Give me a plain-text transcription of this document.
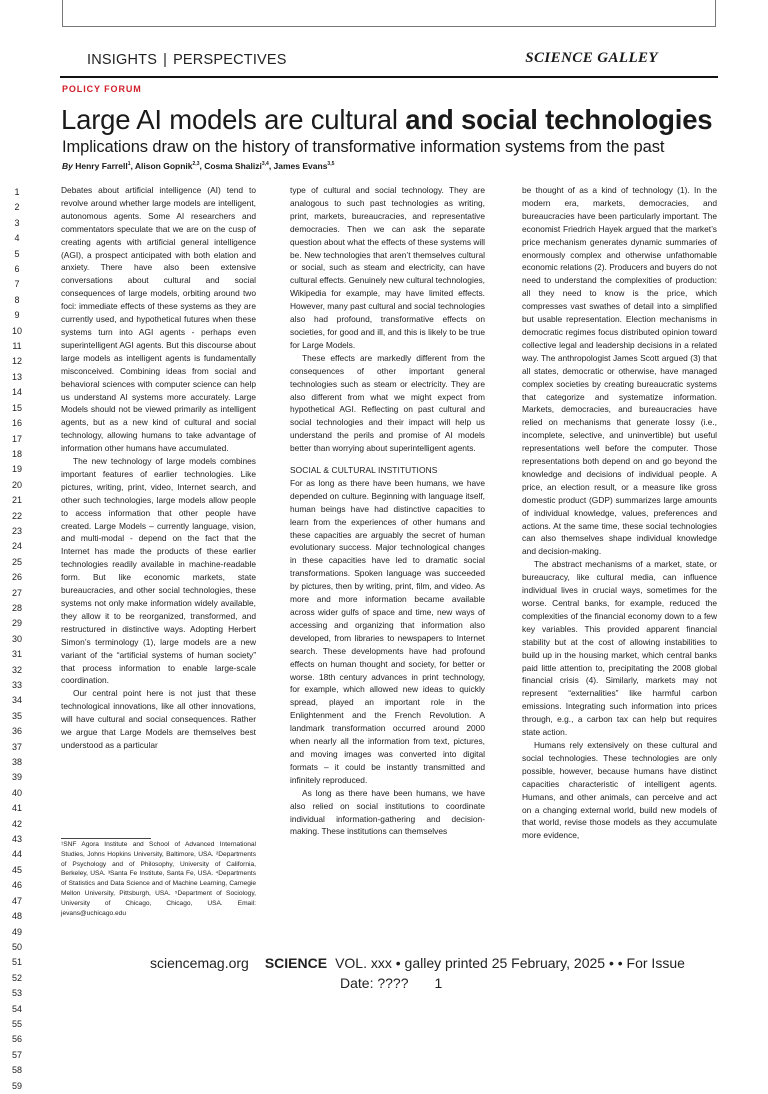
INSIGHTS | PERSPECTIVES	SCIENCE GALLEY
POLICY FORUM
Large AI models are cultural and social technologies
Implications draw on the history of transformative information systems from the past
By Henry Farrell$^1$, Alison Gopnik$^{2,3}$, Cosma Shalizi$^{3,4}$, James Evans$^{3,5}$
1
2
3
4
5
6
7
8
9
10
11
12
13
14
15
16
17
18
19
20
21
22
23
24
25
26
27
28
29
30
31
32
33
34
35
36
37
38
39
40
41
42
43
44
45
46
47
48
49
50
51
52
53
54
55
56
57
58
59

Debates about artificial intelligence (AI) tend to revolve around whether large models are intelligent, autonomous agents. Some AI researchers and commentators speculate that we are on the cusp of creating agents with artificial general intelligence (AGI), a prospect anticipated with both elation and anxiety. There have also been extensive conversations about cultural and social consequences of large models, orbiting around two foci: immediate effects of these systems as they are currently used, and hypothetical futures when these systems turn into AGI agents - perhaps even superintelligent AGI agents. But this discourse about large models as intelligent agents is fundamentally misconceived. Combining ideas from social and behavioral sciences with computer science can help us understand AI systems more accurately. Large Models should not be viewed primarily as intelligent agents, but as a new kind of cultural and social technology, allowing humans to take advantage of information other humans have accumulated.

The new technology of large models combines important features of earlier technologies. Like pictures, writing, print, video, Internet search, and other such technologies, large models allow people to access information that other people have created. Large Models – currently language, vision, and multi-modal - depend on the fact that the Internet has made the products of these earlier technologies readily available in machine-readable form. But like economic markets, state bureaucracies, and other social technologies, these systems not only make information widely available, they allow it to be reorganized, transformed, and restructured in distinctive ways. Adopting Herbert Simon’s terminology (1), large models are a new variant of the “artificial systems of human society” that process information to enable large-scale coordination.

Our central point here is not just that these technological innovations, like all other innovations, will have cultural and social consequences. Rather we argue that Large Models are themselves best understood as a particular

type of cultural and social technology. They are analogous to such past technologies as writing, print, markets, bureaucracies, and representative democracies. Then we can ask the separate question about what the effects of these systems will be. New technologies that aren’t themselves cultural or social, such as steam and electricity, can have cultural effects. Genuinely new cultural technologies, Wikipedia for example, may have limited effects. However, many past cultural and social technologies also had profound, transformative effects on societies, for good and ill, and this is likely to be true for Large Models.

These effects are markedly different from the consequences of other important general technologies such as steam or electricity. They are also different from what we might expect from hypothetical AGI. Reflecting on past cultural and social technologies and their impact will help us understand the perils and promise of AI models better than worrying about superintelligent agents.

SOCIAL & CULTURAL INSTITUTIONS

For as long as there have been humans, we have depended on culture. Beginning with language itself, human beings have had distinctive capacities to learn from the experiences of other humans and these capacities are arguably the secret of human evolutionary success. Major technological changes in these capacities have led to dramatic social transformations. Spoken language was succeeded by pictures, then by writing, print, film, and video. As more and more information became available across wider gulfs of space and time, new ways of accessing and organizing that information also developed, from libraries to newspapers to Internet search. These developments have had profound effects on human thought and society, for better or worse. 18th century advances in print technology, for example, which allowed new ideas to quickly spread, played an important role in the Enlightenment and the French Revolution. A landmark transformation occurred around 2000 when nearly all the information from text, pictures, and moving images was converted into digital formats – it could be instantly transmitted and infinitely reproduced.

As long as there have been humans, we have also relied on social institutions to coordinate individual information-gathering and decision-making. These institutions can themselves

be thought of as a kind of technology (1). In the modern era, markets, democracies, and bureaucracies have been particularly important. The economist Friedrich Hayek argued that the market’s price mechanism generates dynamic summaries of enormously complex and otherwise unfathomable economic relations (2). Producers and buyers do not need to understand the complexities of production: all they need to know is the price, which compresses vast swathes of detail into a simplified but usable representation. Election mechanisms in democratic regimes focus distributed opinion toward collective legal and leadership decisions in a related way. The anthropologist James Scott argued (3) that all states, democratic or otherwise, have managed complex societies by creating bureaucratic systems that categorize and systematize information. Markets, democracies, and bureaucracies have relied on mechanisms that generate lossy (i.e., incomplete, selective, and uninvertible) but useful representations well before the computer. Those representations both depend on and go beyond the knowledge and decisions of individual people. A price, an election result, or a measure like gross domestic product (GDP) summarizes large amounts of individual knowledge, values, preferences and actions. At the same time, these social technologies can also themselves shape individual knowledge and decision-making.

The abstract mechanisms of a market, state, or bureaucracy, like cultural media, can influence individual lives in crucial ways, sometimes for the worse. Central banks, for example, reduced the complexities of the financial economy down to a few key variables. This provided apparent financial stability but at the cost of allowing instabilities to build up in the housing market, which central banks paid little attention to, precipitating the 2008 global financial crisis (4). Similarly, markets may not represent “externalities” like harmful carbon emissions. Integrating such information into prices through, e.g., a carbon tax can help but requires state action.

Humans rely extensively on these cultural and social technologies. These technologies are only possible, however, because humans have distinct capacities characteristic of intelligent agents. Humans, and other animals, can perceive and act on a changing external world, build new models of that world, revise those models as they accumulate more evidence,

¹SNF Agora Institute and School of Advanced International Studies, Johns Hopkins University, Baltimore, USA. ²Departments of Psychology and of Philosophy, University of California, Berkeley, USA. ³Santa Fe Institute, Santa Fe, USA. ⁴Departments of Statistics and Data Science and of Machine Learning, Carnegie Mellon University, Pittsburgh, USA. ⁵Department of Sociology, University of Chicago, Chicago, USA. Email: jevans@uchicago.edu
sciencemag.org SCIENCE VOL. xxx • galley printed 25 February, 2025 • • For Issue
Date: ???? 1
